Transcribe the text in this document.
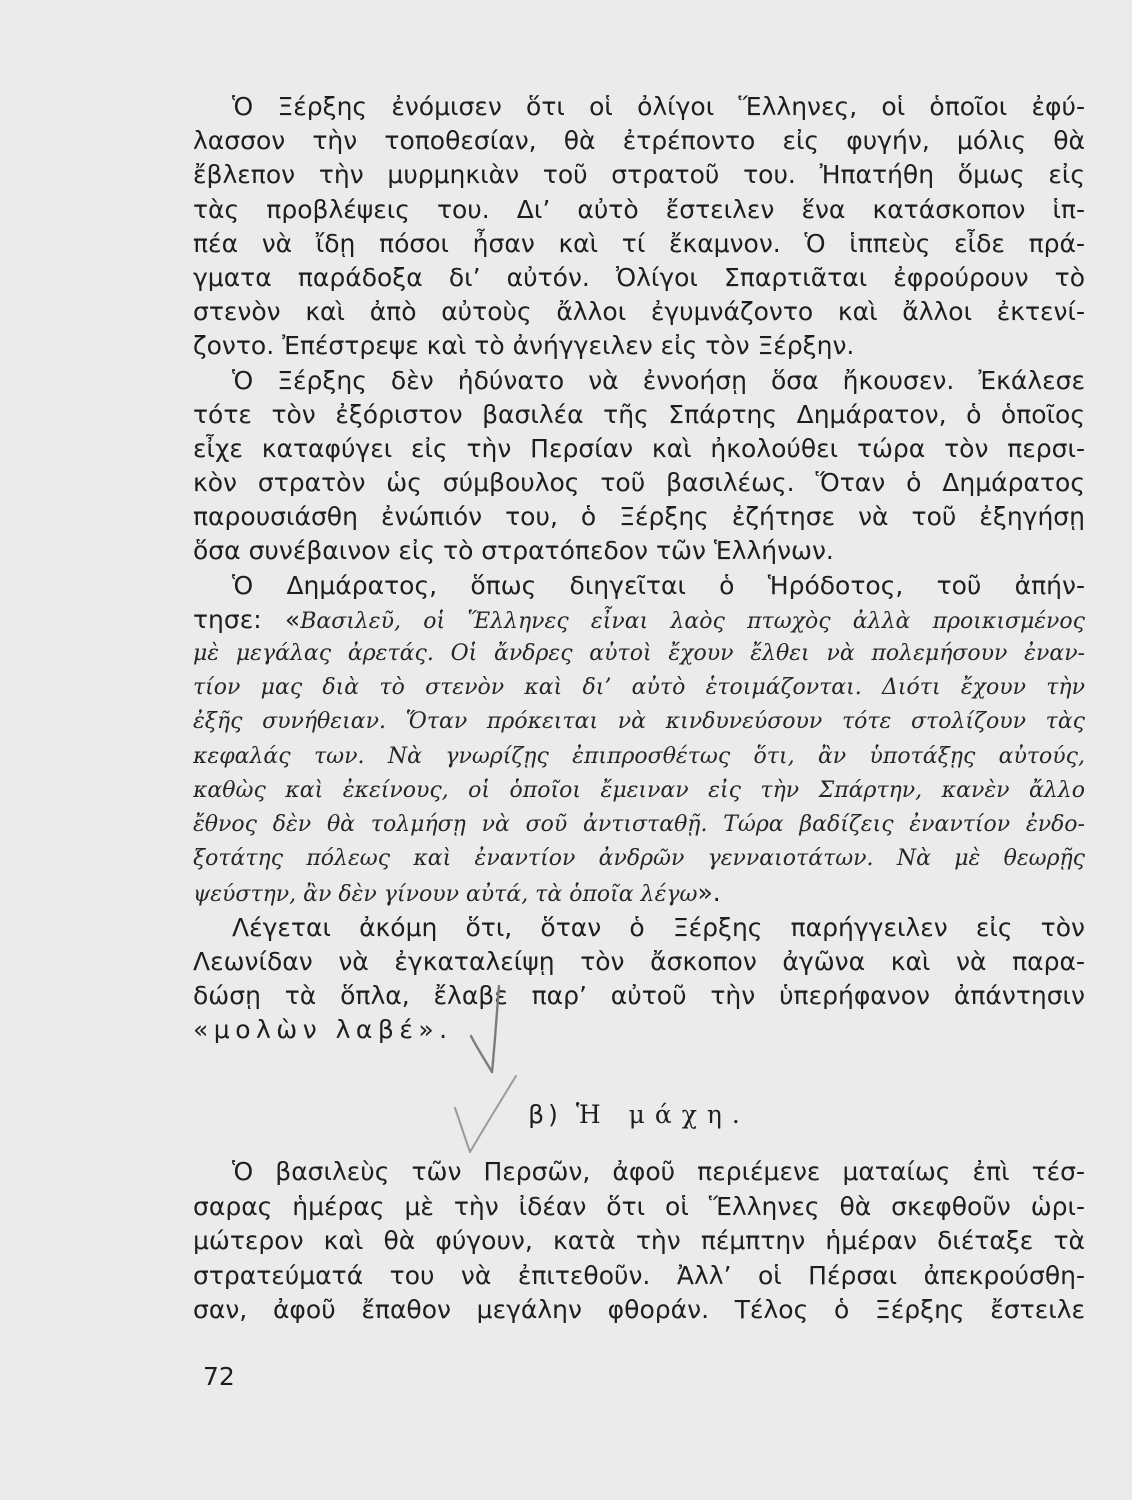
Ὁ Ξέρξης ἐνόμισεν ὅτι οἱ ὀλίγοι Ἕλληνες, οἱ ὁποῖοι ἐφύ-
λασσον τὴν τοποθεσίαν, θὰ ἐτρέποντο εἰς φυγήν, μόλις θὰ
ἔβλεπον τὴν μυρμηκιὰν τοῦ στρατοῦ του. Ἠπατήθη ὅμως εἰς
τὰς προβλέψεις του. Δι’ αὐτὸ ἔστειλεν ἕνα κατάσκοπον ἱπ-
πέα νὰ ἴδῃ πόσοι ἦσαν καὶ τί ἔκαμνον. Ὁ ἱππεὺς εἶδε πρά-
γματα παράδοξα δι’ αὐτόν. Ὀλίγοι Σπαρτιᾶται ἐφρούρουν τὸ
στενὸν καὶ ἀπὸ αὐτοὺς ἄλλοι ἐγυμνάζοντο καὶ ἄλλοι ἐκτενί-
ζοντο. Ἐπέστρεψε καὶ τὸ ἀνήγγειλεν εἰς τὸν Ξέρξην.
Ὁ Ξέρξης δὲν ἠδύνατο νὰ ἐννοήσῃ ὅσα ἤκουσεν. Ἐκάλεσε
τότε τὸν ἐξόριστον βασιλέα τῆς Σπάρτης Δημάρατον, ὁ ὁποῖος
εἶχε καταφύγει εἰς τὴν Περσίαν καὶ ἠκολούθει τώρα τὸν περσι-
κὸν στρατὸν ὡς σύμβουλος τοῦ βασιλέως. Ὅταν ὁ Δημάρατος
παρουσιάσθη ἐνώπιόν του, ὁ Ξέρξης ἐζήτησε νὰ τοῦ ἐξηγήσῃ
ὅσα συνέβαινον εἰς τὸ στρατόπεδον τῶν Ἑλλήνων.
Ὁ Δημάρατος, ὅπως διηγεῖται ὁ Ἡρόδοτος, τοῦ ἀπήν-
τησε: «Βασιλεῦ, οἱ Ἕλληνες εἶναι λαὸς πτωχὸς ἀλλὰ προικισμένος
μὲ μεγάλας ἀρετάς. Οἱ ἄνδρες αὐτοὶ ἔχουν ἔλθει νὰ πολεμήσουν ἐναν-
τίον μας διὰ τὸ στενὸν καὶ δι’ αὐτὸ ἑτοιμάζονται. Διότι ἔχουν τὴν
ἐξῆς συνήθειαν. Ὅταν πρόκειται νὰ κινδυνεύσουν τότε στολίζουν τὰς
κεφαλάς των. Νὰ γνωρίζῃς ἐπιπροσθέτως ὅτι, ἂν ὑποτάξῃς αὐτούς,
καθὼς καὶ ἐκείνους, οἱ ὁποῖοι ἔμειναν εἰς τὴν Σπάρτην, κανὲν ἄλλο
ἔθνος δὲν θὰ τολμήσῃ νὰ σοῦ ἀντισταθῇ. Τώρα βαδίζεις ἐναντίον ἐνδο-
ξοτάτης πόλεως καὶ ἐναντίον ἀνδρῶν γενναιοτάτων. Νὰ μὲ θεωρῇς
ψεύστην, ἂν δὲν γίνουν αὐτά, τὰ ὁποῖα λέγω».
Λέγεται ἀκόμη ὅτι, ὅταν ὁ Ξέρξης παρήγγειλεν εἰς τὸν
Λεωνίδαν νὰ ἐγκαταλείψῃ τὸν ἄσκοπον ἀγῶνα καὶ νὰ παρα-
δώσῃ τὰ ὅπλα, ἔλαβε παρ’ αὐτοῦ τὴν ὑπερήφανον ἀπάντησιν
«μολὼν λαβέ».
β) Ἡ μάχη.
Ὁ βασιλεὺς τῶν Περσῶν, ἀφοῦ περιέμενε ματαίως ἐπὶ τέσ-
σαρας ἡμέρας μὲ τὴν ἰδέαν ὅτι οἱ Ἕλληνες θὰ σκεφθοῦν ὡρι-
μώτερον καὶ θὰ φύγουν, κατὰ τὴν πέμπτην ἡμέραν διέταξε τὰ
στρατεύματά του νὰ ἐπιτεθοῦν. Ἀλλ’ οἱ Πέρσαι ἀπεκρούσθη-
σαν, ἀφοῦ ἔπαθον μεγάλην φθοράν. Τέλος ὁ Ξέρξης ἔστειλε
72
